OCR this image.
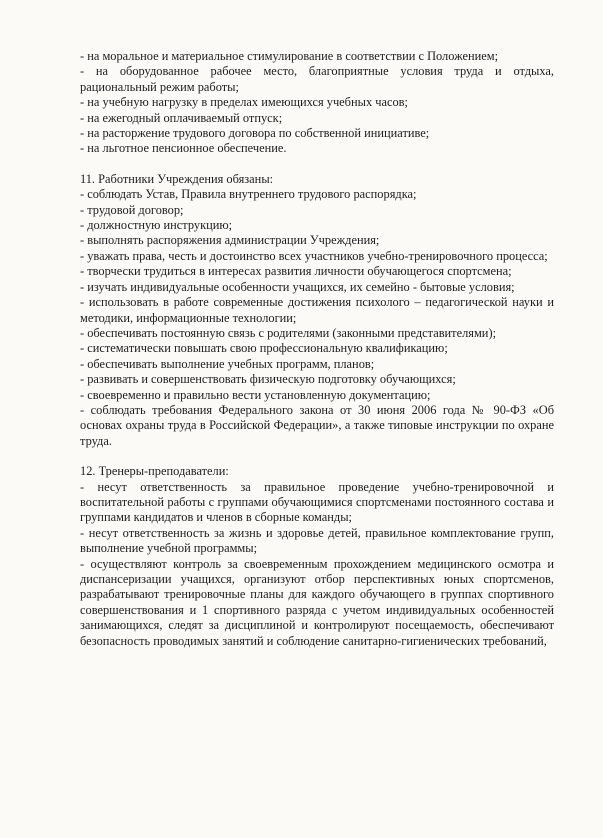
- на моральное и материальное стимулирование в соответствии с Положением;

- на оборудованное рабочее место, благоприятные условия труда и отдыха, рациональный режим работы;

- на учебную нагрузку в пределах имеющихся учебных часов;

- на ежегодный оплачиваемый отпуск;

- на расторжение трудового договора по собственной инициативе;

- на льготное пенсионное обеспечение.

11. Работники Учреждения обязаны:

- соблюдать Устав, Правила внутреннего трудового распорядка;

- трудовой договор;

- должностную инструкцию;

- выполнять распоряжения администрации Учреждения;

- уважать права, честь и достоинство всех участников учебно-тренировочного процесса;

- творчески трудиться в интересах развития личности обучающегося спортсмена;

- изучать индивидуальные особенности учащихся, их семейно - бытовые условия;

- использовать в работе современные достижения психолого – педагогической науки и методики, информационные технологии;

- обеспечивать постоянную связь с родителями (законными представителями);

- систематически повышать свою профессиональную квалификацию;

- обеспечивать выполнение учебных программ, планов;

- развивать и совершенствовать физическую подготовку обучающихся;

- своевременно и правильно вести установленную документацию;

- соблюдать требования Федерального закона от 30 июня 2006 года № 90-ФЗ «Об основах охраны труда в Российской Федерации», а также типовые инструкции по охране труда.

12. Тренеры-преподаватели:

- несут ответственность за правильное проведение учебно-тренировочной и воспитательной работы с группами обучающимися спортсменами постоянного состава и группами кандидатов и членов в сборные команды;

- несут ответственность за жизнь и здоровье детей, правильное комплектование групп, выполнение учебной программы;

- осуществляют контроль за своевременным прохождением медицинского осмотра и диспансеризации учащихся, организуют отбор перспективных юных спортсменов, разрабатывают тренировочные планы для каждого обучающего в группах спортивного совершенствования и 1 спортивного разряда с учетом индивидуальных особенностей занимающихся, следят за дисциплиной и контролируют посещаемость, обеспечивают безопасность проводимых занятий и соблюдение санитарно-гигиенических требований,
